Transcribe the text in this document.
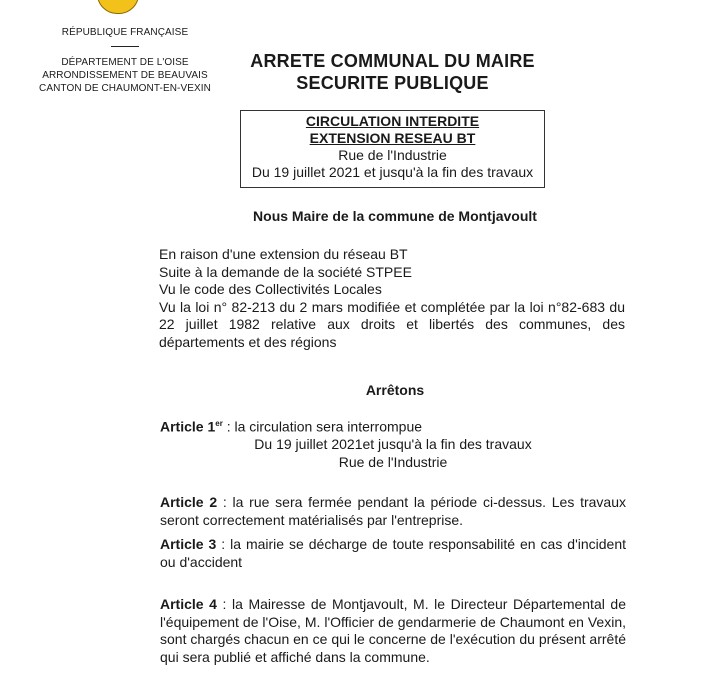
RÉPUBLIQUE FRANÇAISE
DÉPARTEMENT DE L'OISE
ARRONDISSEMENT DE BEAUVAIS
CANTON DE CHAUMONT-EN-VEXIN
ARRETE COMMUNAL DU MAIRE
SECURITE PUBLIQUE
CIRCULATION INTERDITE
EXTENSION RESEAU BT
Rue de l'Industrie
Du 19 juillet 2021 et jusqu'à la fin des travaux
Nous Maire de la commune de Montjavoult
En raison d'une extension du réseau BT
Suite à la demande de la société STPEE
Vu le code des Collectivités Locales
Vu la loi n° 82-213 du 2 mars modifiée et complétée par la loi n°82-683 du 22 juillet 1982 relative aux droits et libertés des communes, des départements et des régions
Arrêtons
Article 1er : la circulation sera interrompue
Du 19 juillet 2021et jusqu'à la fin des travaux
Rue de l'Industrie
Article 2 : la rue sera fermée pendant la période ci-dessus. Les travaux seront correctement matérialisés par l'entreprise.
Article 3 : la mairie se décharge de toute responsabilité en cas d'incident ou d'accident
Article 4 : la Mairesse de Montjavoult, M. le Directeur Départemental de l'équipement de l'Oise, M. l'Officier de gendarmerie de Chaumont en Vexin, sont chargés chacun en ce qui le concerne de l'exécution du présent arrêté qui sera publié et affiché dans la commune.
